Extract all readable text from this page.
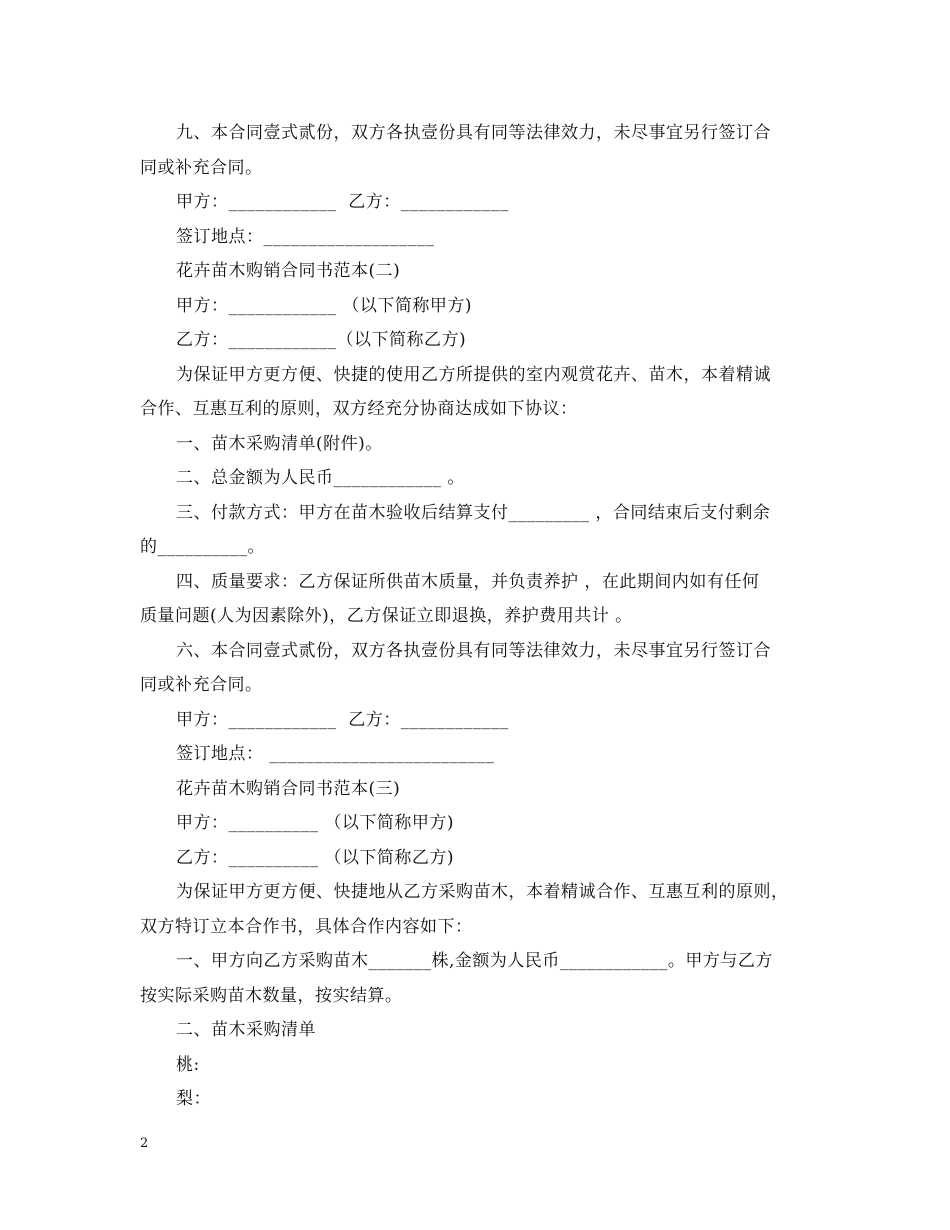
九、本合同壹式贰份，双方各执壹份具有同等法律效力，未尽事宜另行签订合
同或补充合同。
甲方：____________  乙方：____________
签订地点：___________________
花卉苗木购销合同书范本(二)
甲方：____________ （以下简称甲方)
乙方：____________（以下简称乙方)
为保证甲方更方便、快捷的使用乙方所提供的室内观赏花卉、苗木，本着精诚
合作、互惠互利的原则，双方经充分协商达成如下协议：
一、苗木采购清单(附件)。
二、总金额为人民币____________ 。
三、付款方式：甲方在苗木验收后结算支付_________ ，合同结束后支付剩余
的__________。
四、质量要求：乙方保证所供苗木质量，并负责养护 ，在此期间内如有任何
质量问题(人为因素除外)，乙方保证立即退换，养护费用共计 。
六、本合同壹式贰份，双方各执壹份具有同等法律效力，未尽事宜另行签订合
同或补充合同。
甲方：____________  乙方：____________
签订地点： _________________________
花卉苗木购销合同书范本(三)
甲方：__________ （以下简称甲方)
乙方：__________ （以下简称乙方)
为保证甲方更方便、快捷地从乙方采购苗木，本着精诚合作、互惠互利的原则，
双方特订立本合作书，具体合作内容如下：
一、甲方向乙方采购苗木_______株,金额为人民币____________。甲方与乙方
按实际采购苗木数量，按实结算。
二、苗木采购清单
桃:
梨：
2
